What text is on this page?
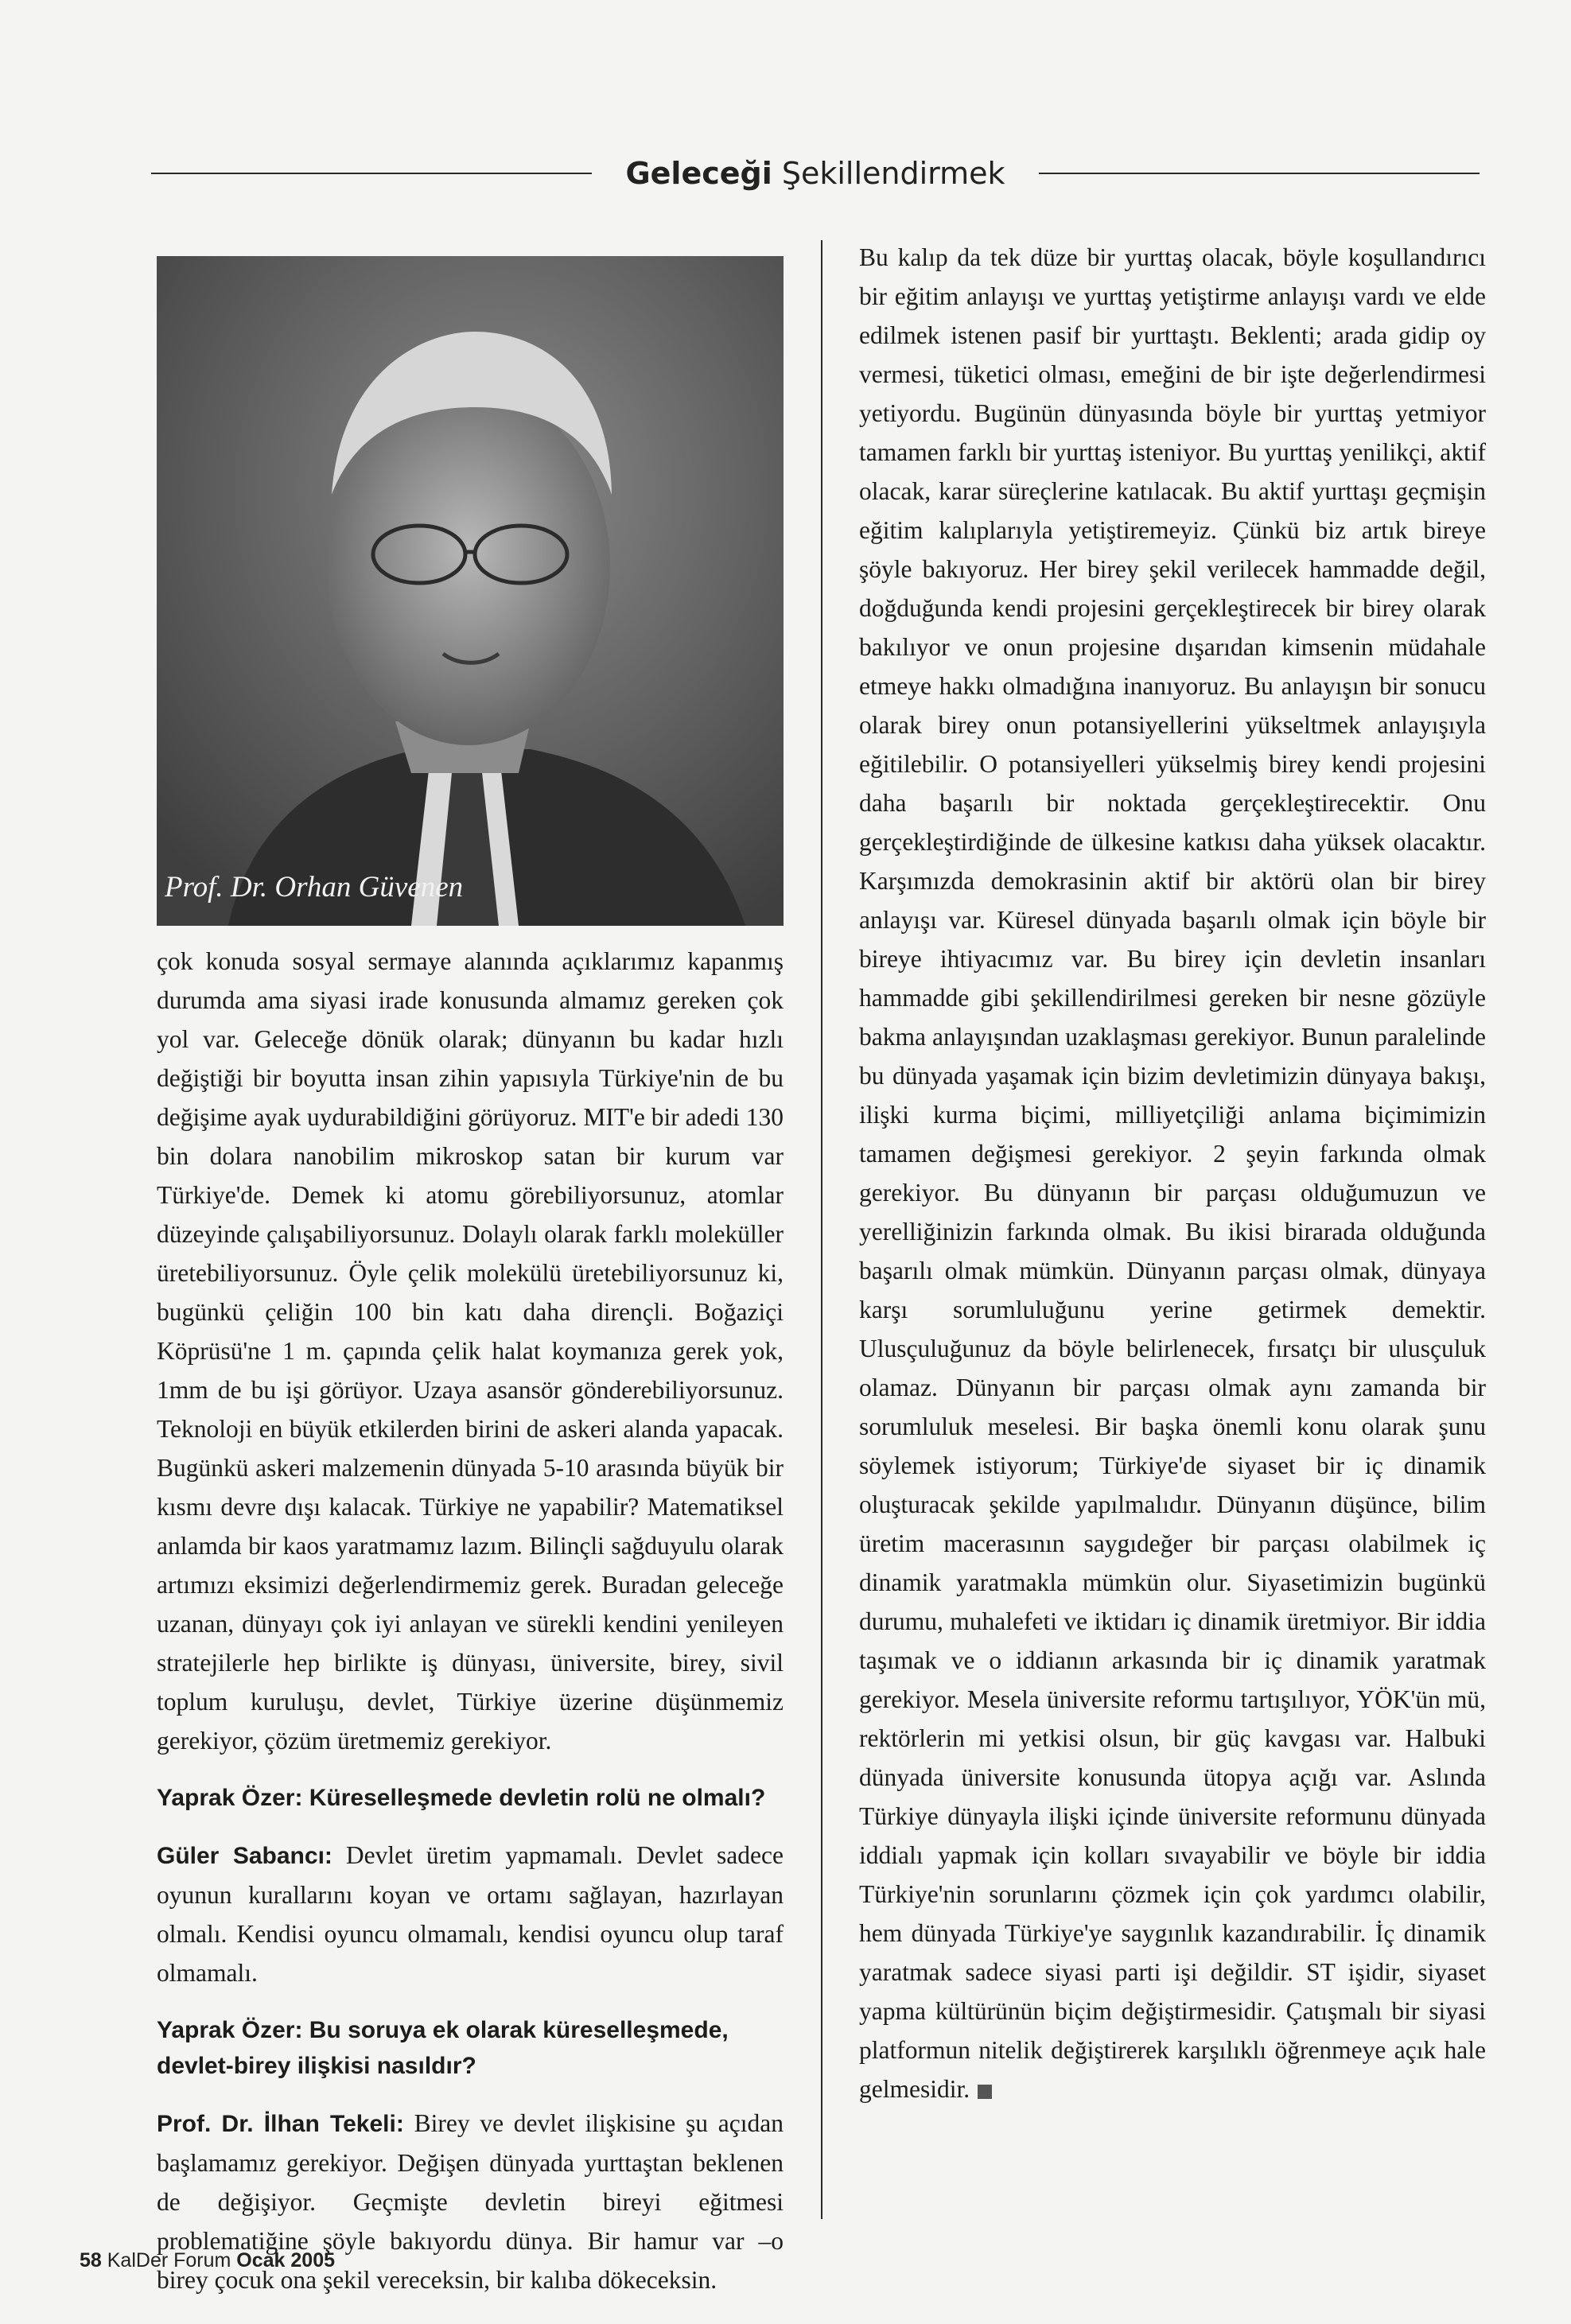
Geleceği Şekillendirmek
Prof. Dr. Orhan Güvenen

çok konuda sosyal sermaye alanında açıklarımız kapanmış durumda ama siyasi irade konusunda almamız gereken çok yol var. Geleceğe dönük olarak; dünyanın bu kadar hızlı değiştiği bir boyutta insan zihin yapısıyla Türkiye'nin de bu değişime ayak uydurabildiğini görüyoruz. MIT'e bir adedi 130 bin dolara nanobilim mikroskop satan bir kurum var Türkiye'de. Demek ki atomu görebiliyorsunuz, atomlar düzeyinde çalışabiliyorsunuz. Dolaylı olarak farklı moleküller üretebiliyorsunuz. Öyle çelik molekülü üretebiliyorsunuz ki, bugünkü çeliğin 100 bin katı daha dirençli. Boğaziçi Köprüsü'ne 1 m. çapında çelik halat koymanıza gerek yok, 1mm de bu işi görüyor. Uzaya asansör gönderebiliyorsunuz. Teknoloji en büyük etkilerden birini de askeri alanda yapacak. Bugünkü askeri malzemenin dünyada 5-10 arasında büyük bir kısmı devre dışı kalacak. Türkiye ne yapabilir? Matematiksel anlamda bir kaos yaratmamız lazım. Bilinçli sağduyulu olarak artımızı eksimizi değerlendirmemiz gerek. Buradan geleceğe uzanan, dünyayı çok iyi anlayan ve sürekli kendini yenileyen stratejilerle hep birlikte iş dünyası, üniversite, birey, sivil toplum kuruluşu, devlet, Türkiye üzerine düşünmemiz gerekiyor, çözüm üretmemiz gerekiyor.

Yaprak Özer: Küreselleşmede devletin rolü ne olmalı?

Güler Sabancı: Devlet üretim yapmamalı. Devlet sadece oyunun kurallarını koyan ve ortamı sağlayan, hazırlayan olmalı. Kendisi oyuncu olmamalı, kendisi oyuncu olup taraf olmamalı.

Yaprak Özer: Bu soruya ek olarak küreselleşmede, devlet-birey ilişkisi nasıldır?

Prof. Dr. İlhan Tekeli: Birey ve devlet ilişkisine şu açıdan başlamamız gerekiyor. Değişen dünyada yurttaştan beklenen de değişiyor. Geçmişte devletin bireyi eğitmesi problematiğine şöyle bakıyordu dünya. Bir hamur var –o birey çocuk ona şekil vereceksin, bir kalıba dökeceksin.

Bu kalıp da tek düze bir yurttaş olacak, böyle koşullandırıcı bir eğitim anlayışı ve yurttaş yetiştirme anlayışı vardı ve elde edilmek istenen pasif bir yurttaştı. Beklenti; arada gidip oy vermesi, tüketici olması, emeğini de bir işte değerlendirmesi yetiyordu. Bugünün dünyasında böyle bir yurttaş yetmiyor tamamen farklı bir yurttaş isteniyor. Bu yurttaş yenilikçi, aktif olacak, karar süreçlerine katılacak. Bu aktif yurttaşı geçmişin eğitim kalıplarıyla yetiştiremeyiz. Çünkü biz artık bireye şöyle bakıyoruz. Her birey şekil verilecek hammadde değil, doğduğunda kendi projesini gerçekleştirecek bir birey olarak bakılıyor ve onun projesine dışarıdan kimsenin müdahale etmeye hakkı olmadığına inanıyoruz. Bu anlayışın bir sonucu olarak birey onun potansiyellerini yükseltmek anlayışıyla eğitilebilir. O potansiyelleri yükselmiş birey kendi projesini daha başarılı bir noktada gerçekleştirecektir. Onu gerçekleştirdiğinde de ülkesine katkısı daha yüksek olacaktır. Karşımızda demokrasinin aktif bir aktörü olan bir birey anlayışı var. Küresel dünyada başarılı olmak için böyle bir bireye ihtiyacımız var. Bu birey için devletin insanları hammadde gibi şekillendirilmesi gereken bir nesne gözüyle bakma anlayışından uzaklaşması gerekiyor. Bunun paralelinde bu dünyada yaşamak için bizim devletimizin dünyaya bakışı, ilişki kurma biçimi, milliyetçiliği anlama biçimimizin tamamen değişmesi gerekiyor. 2 şeyin farkında olmak gerekiyor. Bu dünyanın bir parçası olduğumuzun ve yerelliğinizin farkında olmak. Bu ikisi birarada olduğunda başarılı olmak mümkün. Dünyanın parçası olmak, dünyaya karşı sorumluluğunu yerine getirmek demektir. Ulusçuluğunuz da böyle belirlenecek, fırsatçı bir ulusçuluk olamaz. Dünyanın bir parçası olmak aynı zamanda bir sorumluluk meselesi. Bir başka önemli konu olarak şunu söylemek istiyorum; Türkiye'de siyaset bir iç dinamik oluşturacak şekilde yapılmalıdır. Dünyanın düşünce, bilim üretim macerasının saygıdeğer bir parçası olabilmek iç dinamik yaratmakla mümkün olur. Siyasetimizin bugünkü durumu, muhalefeti ve iktidarı iç dinamik üretmiyor. Bir iddia taşımak ve o iddianın arkasında bir iç dinamik yaratmak gerekiyor. Mesela üniversite reformu tartışılıyor, YÖK'ün mü, rektörlerin mi yetkisi olsun, bir güç kavgası var. Halbuki dünyada üniversite konusunda ütopya açığı var. Aslında Türkiye dünyayla ilişki içinde üniversite reformunu dünyada iddialı yapmak için kolları sıvayabilir ve böyle bir iddia Türkiye'nin sorunlarını çözmek için çok yardımcı olabilir, hem dünyada Türkiye'ye saygınlık kazandırabilir. İç dinamik yaratmak sadece siyasi parti işi değildir. ST işidir, siyaset yapma kültürünün biçim değiştirmesidir. Çatışmalı bir siyasi platformun nitelik değiştirerek karşılıklı öğrenmeye açık hale gelmesidir.

58 KalDer Forum Ocak 2005
